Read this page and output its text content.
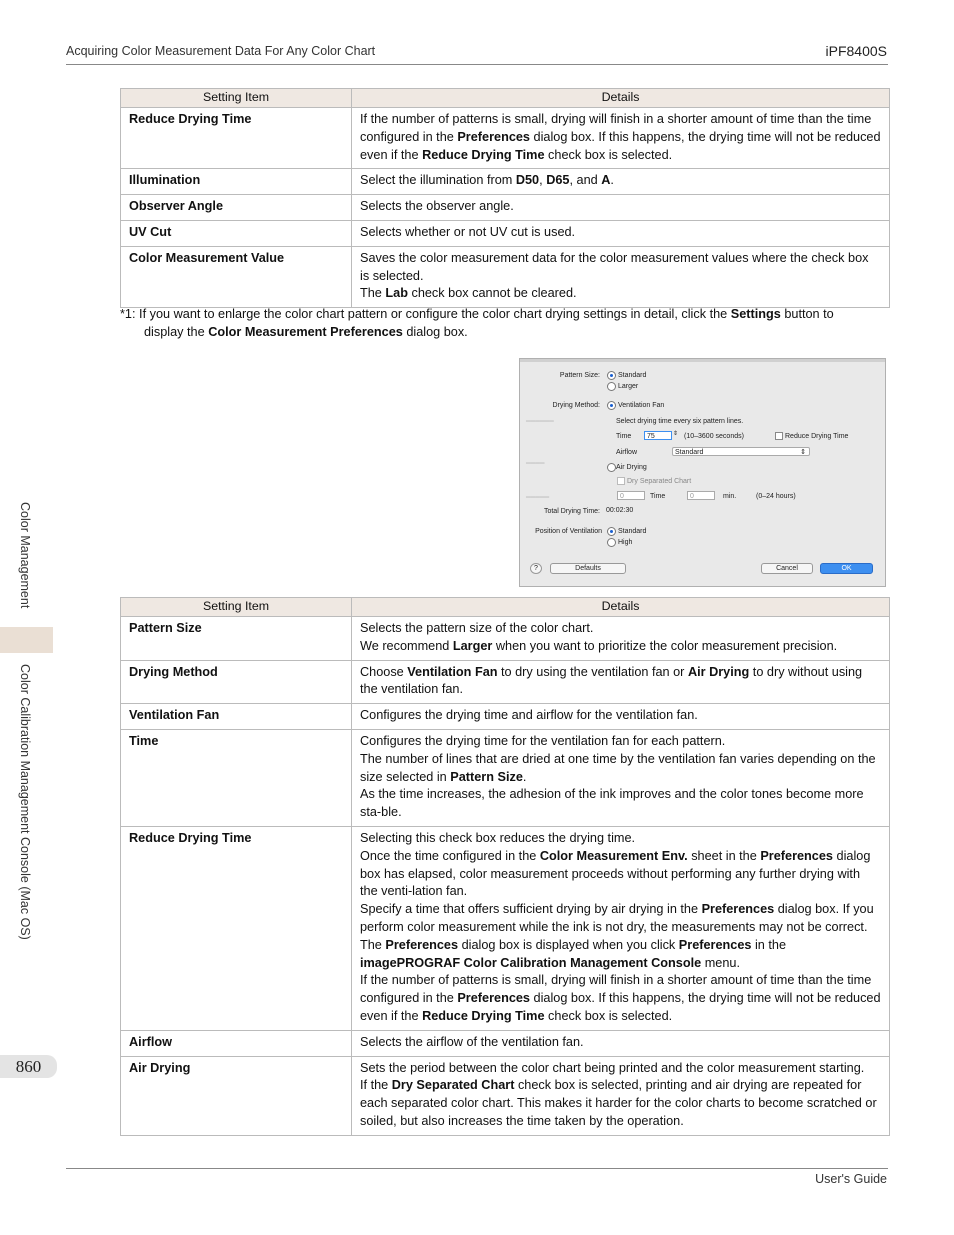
Acquiring Color Measurement Data For Any Color Chart	iPF8400S
Setting Item	Details
Reduce Drying Time	If the number of patterns is small, drying will finish in a shorter amount of time than the time configured in the Preferences dialog box. If this happens, the drying time will not be reduced even if the Reduce Drying Time check box is selected.
Illumination	Select the illumination from D50, D65, and A.
Observer Angle	Selects the observer angle.
UV Cut	Selects whether or not UV cut is used.
Color Measurement Value	Saves the color measurement data for the color measurement values where the check box is selected.
The Lab check box cannot be cleared.
*1: If you want to enlarge the color chart pattern or configure the color chart drying settings in detail, click the Settings button to
display the Color Measurement Preferences dialog box.
▁▁▁▁▁▁
▁▁▁▁
▁▁▁▁▁
Pattern Size:	Standard
Larger
Drying Method:	Ventilation Fan
Select drying time every six pattern lines.
Time	75	⇕ (10–3600 seconds)	Reduce Drying Time
Airflow	Standard	⇕
Air Drying
Dry Separated Chart
0	Time	0	min.	(0–24 hours)
Total Drying Time: 00:02:30
Position of Ventilation Standard
High
?	Defaults	Cancel	OK
Setting Item	Details
Pattern Size	Selects the pattern size of the color chart.
We recommend Larger when you want to prioritize the color measurement precision.
Drying Method	Choose Ventilation Fan to dry using the ventilation fan or Air Drying to dry without using the ventilation fan.
Ventilation Fan	Configures the drying time and airflow for the ventilation fan.
Time	Configures the drying time for the ventilation fan for each pattern.
The number of lines that are dried at one time by the ventilation fan varies depending on the size selected in Pattern Size.
As the time increases, the adhesion of the ink improves and the color tones become more sta-ble.
Reduce Drying Time	Selecting this check box reduces the drying time.
Once the time configured in the Color Measurement Env. sheet in the Preferences dialog box has elapsed, color measurement proceeds without performing any further drying with the venti-lation fan.
Specify a time that offers sufficient drying by air drying in the Preferences dialog box. If you perform color measurement while the ink is not dry, the measurements may not be correct.
The Preferences dialog box is displayed when you click Preferences in the imagePROGRAF Color Calibration Management Console menu.
If the number of patterns is small, drying will finish in a shorter amount of time than the time configured in the Preferences dialog box. If this happens, the drying time will not be reduced even if the Reduce Drying Time check box is selected.
Airflow	Selects the airflow of the ventilation fan.
Air Drying	Sets the period between the color chart being printed and the color measurement starting.
If the Dry Separated Chart check box is selected, printing and air drying are repeated for each separated color chart. This makes it harder for the color charts to become scratched or soiled, but also increases the time taken by the operation.
Color Management
Color Calibration Management Console (Mac OS)
860
User's Guide
